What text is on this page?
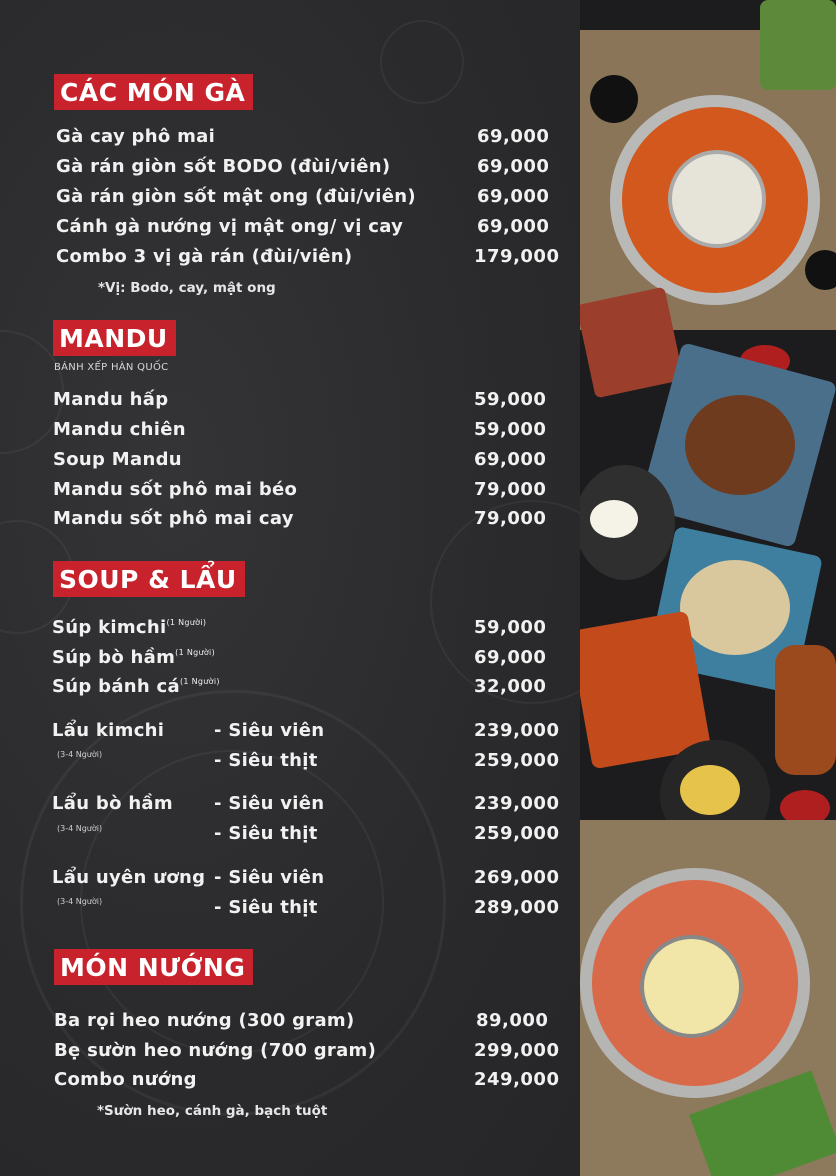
CÁC MÓN GÀ
Gà cay phô mai	69,000
Gà rán giòn sốt BODO (đùi/viên)	69,000
Gà rán giòn sốt mật ong (đùi/viên)	69,000
Cánh gà nướng vị mật ong/ vị cay	69,000
Combo 3 vị gà rán (đùi/viên)	179,000
*Vị: Bodo, cay, mật ong
MANDU
BÁNH XẾP HÀN QUỐC
Mandu hấp	59,000
Mandu chiên	59,000
Soup Mandu	69,000
Mandu sốt phô mai béo	79,000
Mandu sốt phô mai cay	79,000
SOUP & LẨU
Súp kimchi$^{(1 Người)}$	59,000
Súp bò hầm$^{(1 Người)}$	69,000
Súp bánh $cá^{(1 Người)}$	32,000
Lẩu kimchi
(3-4 Người)
- Siêu viên	239,000
- Siêu thịt	259,000
Lẩu bò hầm
(3-4 Người)
- Siêu viên	239,000
- Siêu thịt	259,000
Lẩu uyên ương
(3-4 Người)
- Siêu viên	269,000
- Siêu thịt	289,000
MÓN NƯỚNG
Ba rọi heo nướng (300 gram)	89,000
Bẹ sườn heo nướng (700 gram)	299,000
Combo nướng	249,000
*Sườn heo, cánh gà, bạch tuột
